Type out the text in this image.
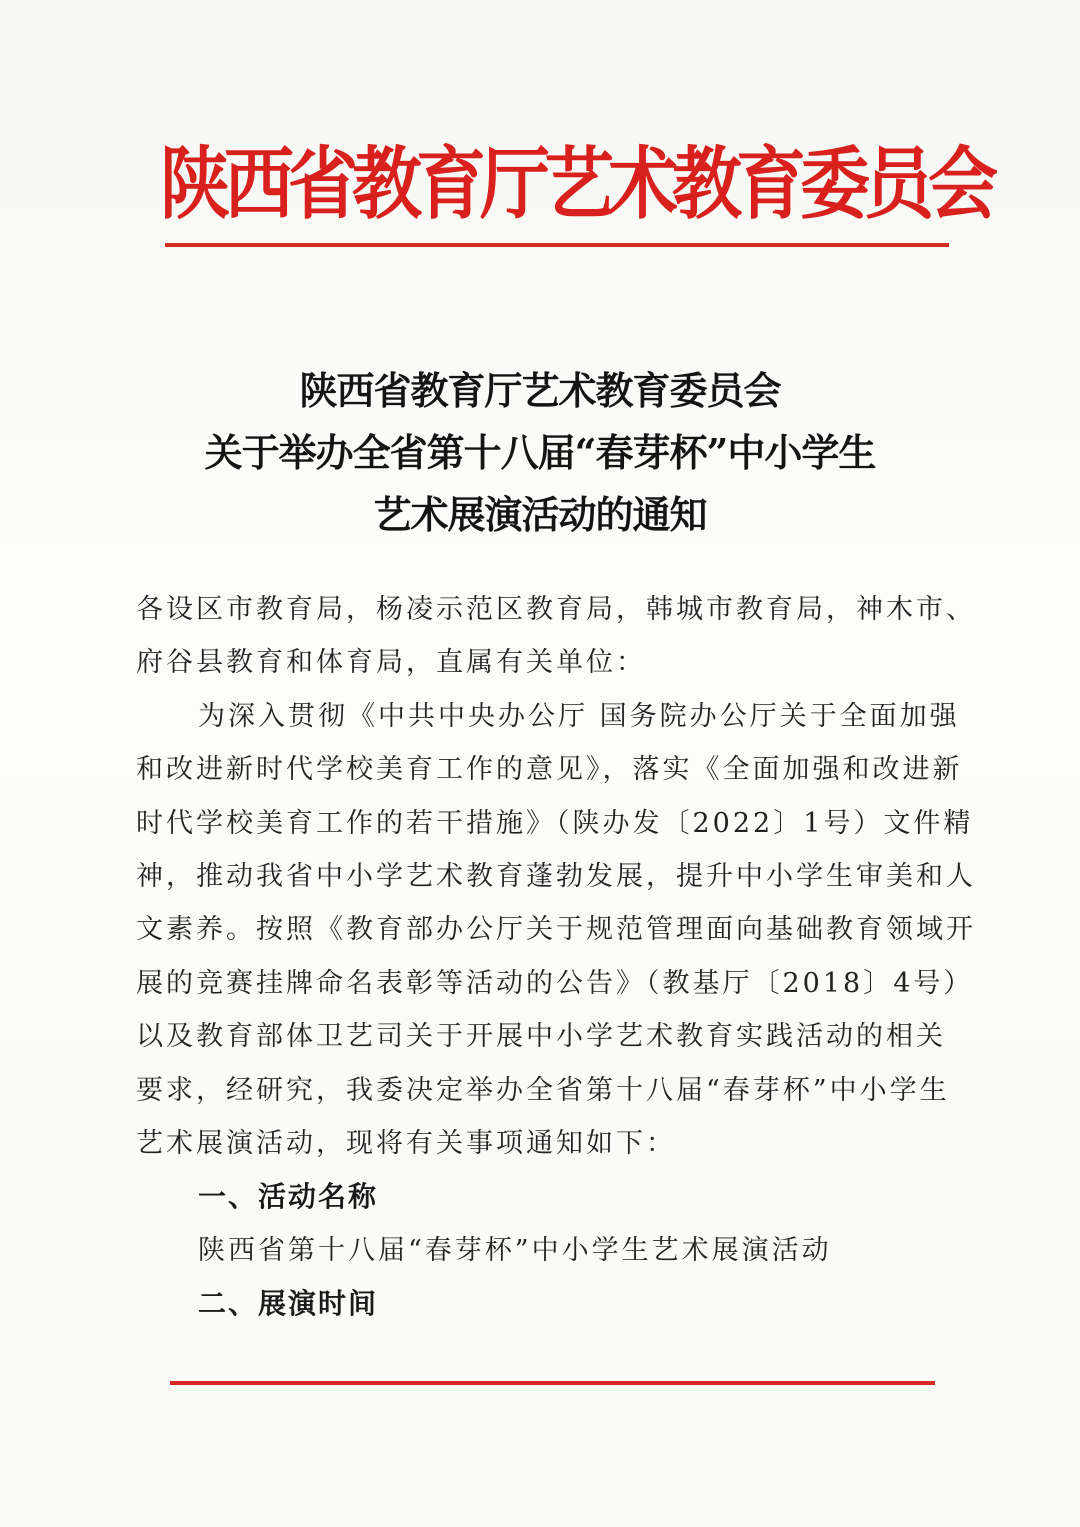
陕西省教育厅艺术教育委员会
陕西省教育厅艺术教育委员会
关于举办全省第十八届“春芽杯”中小学生
艺术展演活动的通知
各设区市教育局，杨凌示范区教育局，韩城市教育局，神木市、
府谷县教育和体育局，直属有关单位：
为深入贯彻《中共中央办公厅 国务院办公厅关于全面加强
和改进新时代学校美育工作的意见》，落实《全面加强和改进新
时代学校美育工作的若干措施》（陕办发〔2022〕1号）文件精
神，推动我省中小学艺术教育蓬勃发展，提升中小学生审美和人
文素养。按照《教育部办公厅关于规范管理面向基础教育领域开
展的竞赛挂牌命名表彰等活动的公告》（教基厅〔2018〕4号）
以及教育部体卫艺司关于开展中小学艺术教育实践活动的相关
要求，经研究，我委决定举办全省第十八届“春芽杯”中小学生
艺术展演活动，现将有关事项通知如下：
一、活动名称
陕西省第十八届“春芽杯”中小学生艺术展演活动
二、展演时间
